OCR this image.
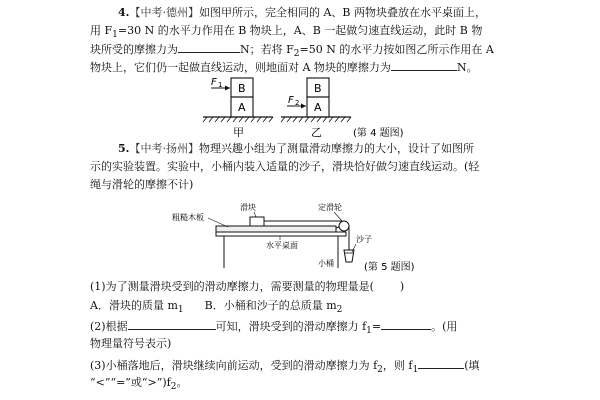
4.【中考·德州】如图甲所示，完全相同的 A、B 两物块叠放在水平桌面上，
用 $F_1=30$ N 的水平力作用在 B 物块上，A、B 一起做匀速直线运动，此时 B 物
块所受的摩擦力为	N；若将 $F_2=50$ N 的水平力按如图乙所示作用在 A
物块上，它们仍一起做直线运动，则地面对 A 物块的摩擦力为	N。
B
A
F 1
甲
B
A
F 2
乙	(第 4 题图)
5.【中考·扬州】物理兴趣小组为了测量滑动摩擦力的大小，设计了如图所
示的实验装置。实验中，小桶内装入适量的沙子，滑块恰好做匀速直线运动。(轻
绳与滑轮的摩擦不计)
滑块
粗糙木板
定滑轮
沙子
水平桌面
小桶	(第 5 题图)
(1)为了测量滑块受到的滑动摩擦力，需要测量的物理量是( )
A．滑块的质量 $m_1$ B．小桶和沙子的总质量 $m_2$
(2)根据	可知，滑块受到的滑动摩擦力 $f_1=$	。(用
物理量符号表示)
(3)小桶落地后，滑块继续向前运动，受到的滑动摩擦力为 $f_2$，则 $f_1$	(填
“<”“=”或“$>”)f_2$。
